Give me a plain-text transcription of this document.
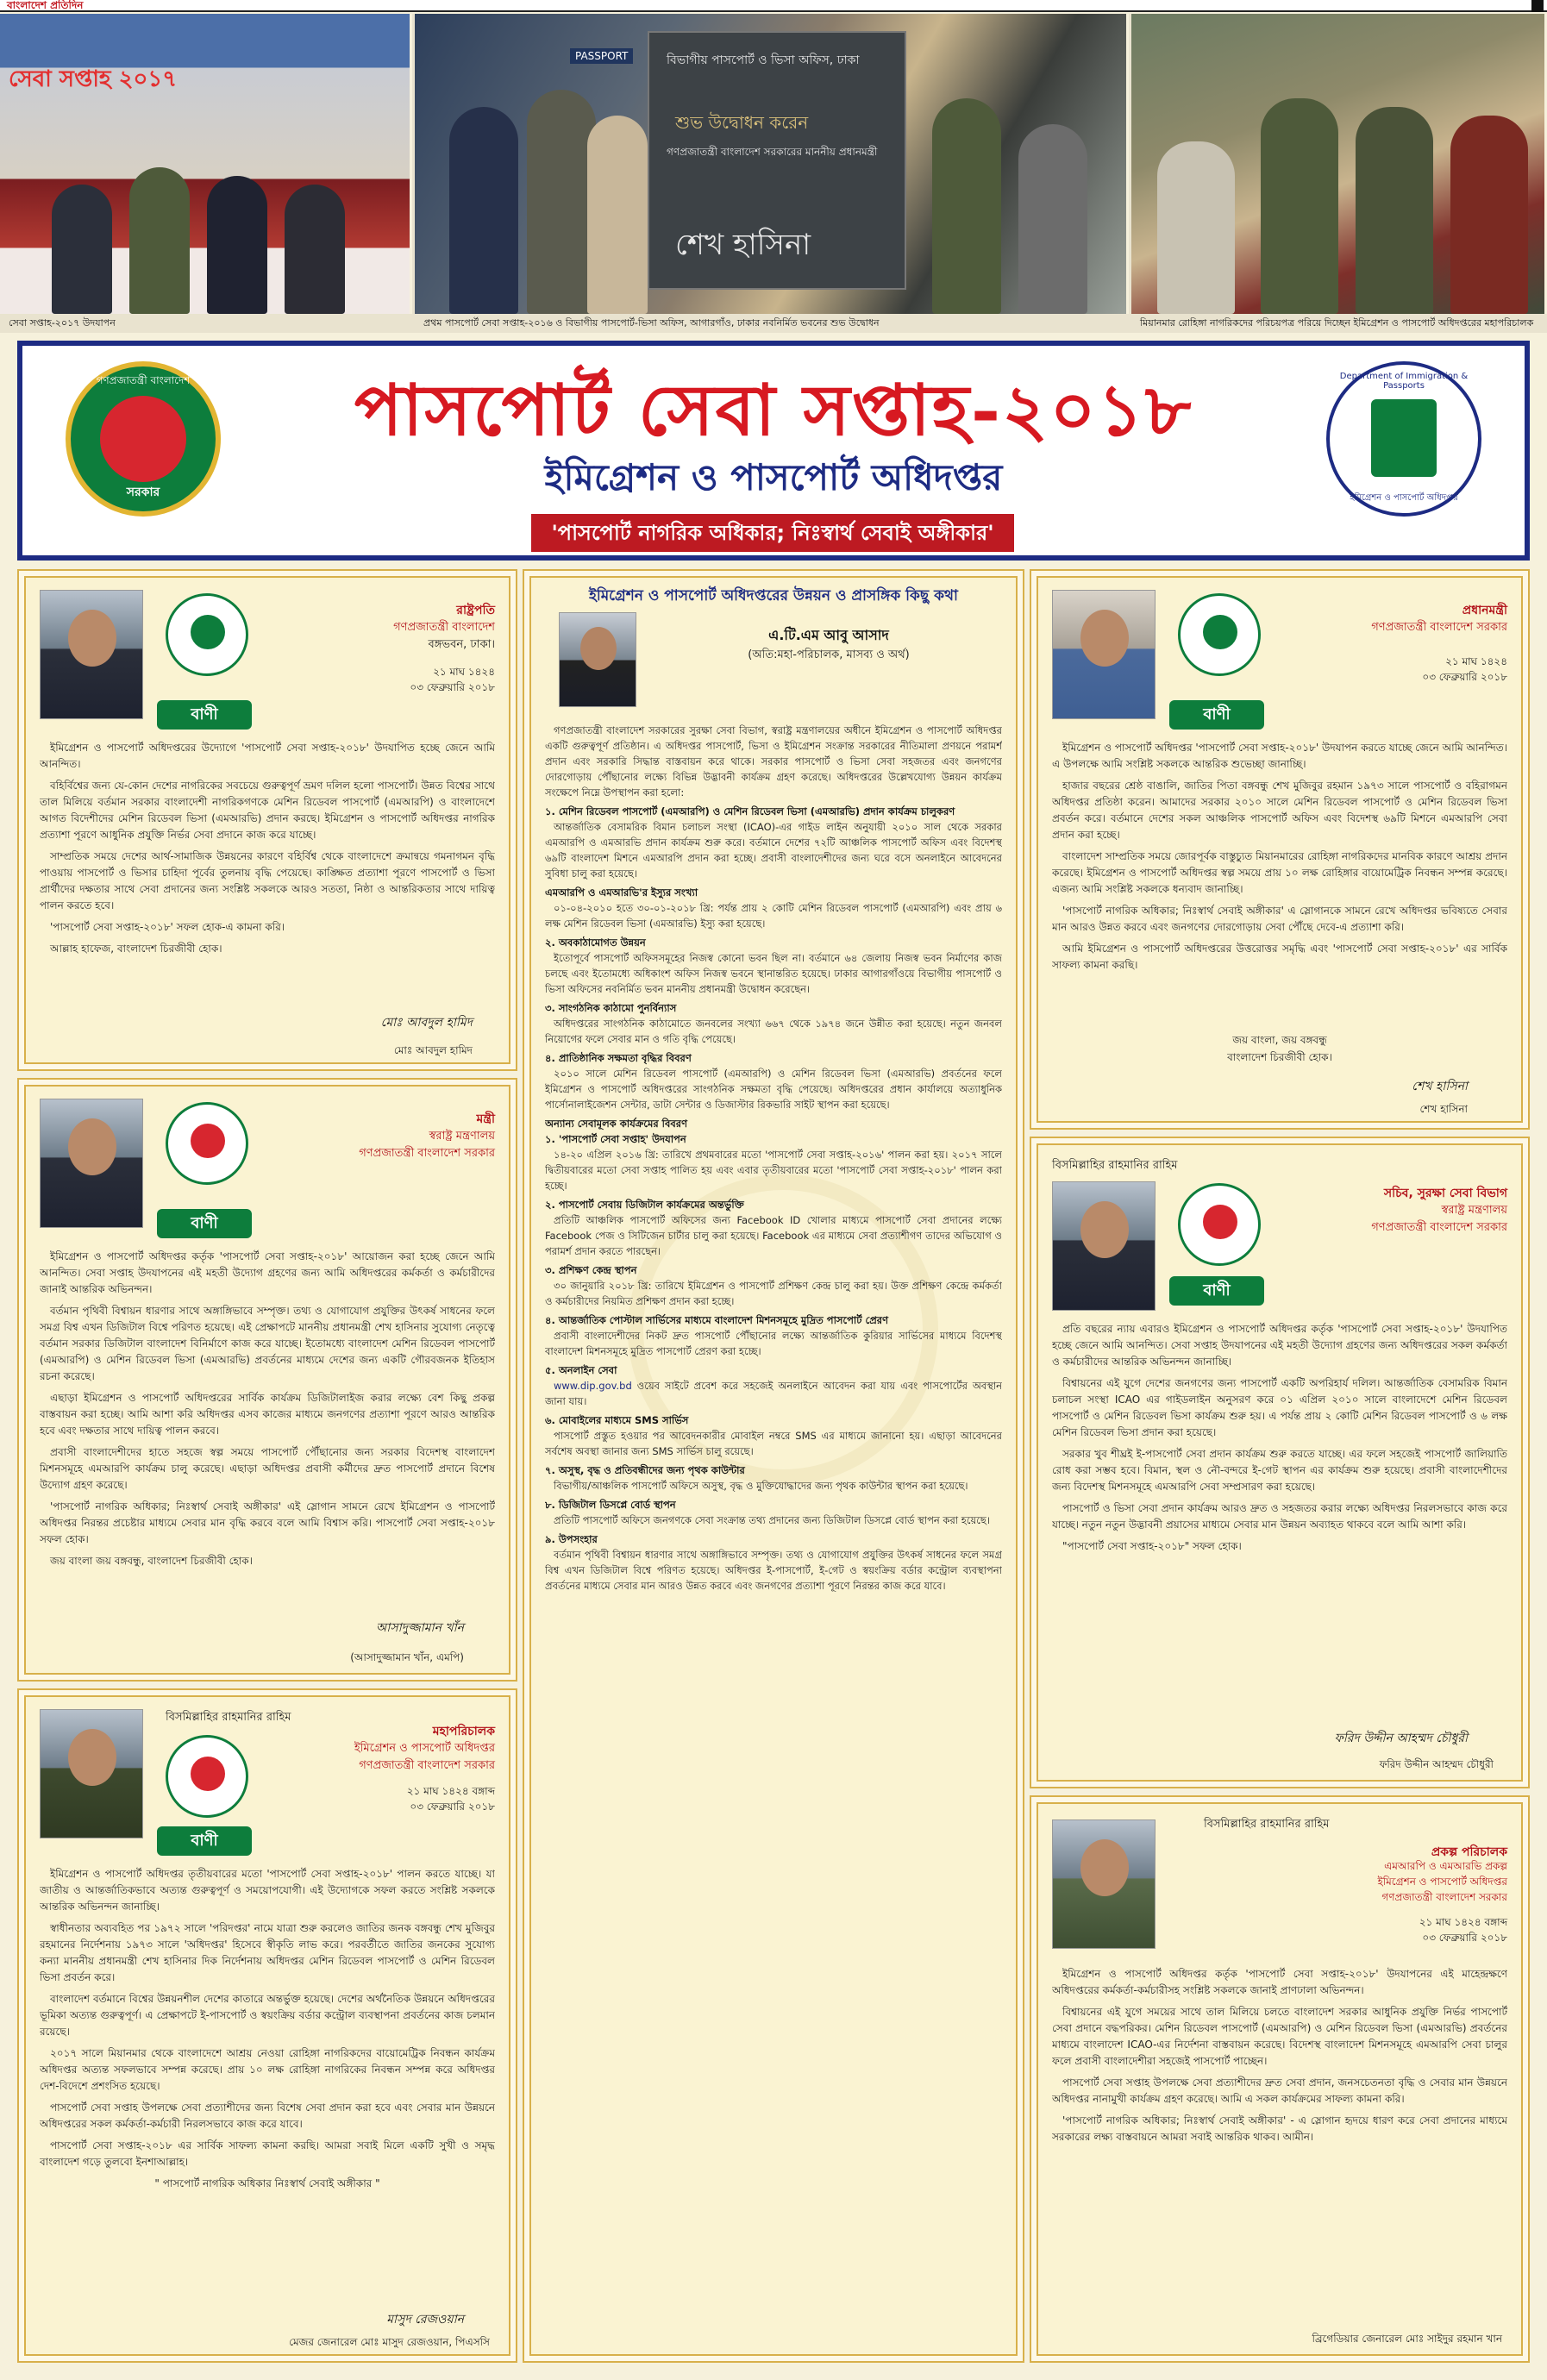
বাংলাদেশ প্রতিদিন
সেবা সপ্তাহ ২০১৭
PASSPORT	বিভাগীয় পাসপোর্ট ও ভিসা অফিস, ঢাকা
শুভ উদ্বোধন করেন
গণপ্রজাতন্ত্রী বাংলাদেশ সরকারের মাননীয় প্রধানমন্ত্রী
শেখ হাসিনা
সেবা সপ্তাহ-২০১৭ উদযাপন	প্রথম পাসপোর্ট সেবা সপ্তাহ-২০১৬ ও বিভাগীয় পাসপোর্ট-ভিসা অফিস, আগারগাঁও, ঢাকার নবনির্মিত ভবনের শুভ উদ্বোধন	মিয়ানমার রোহিঙ্গা নাগরিকদের পরিচয়পত্র পরিয়ে দিচ্ছেন ইমিগ্রেশন ও পাসপোর্ট অধিদপ্তরের মহাপরিচালক
গণপ্রজাতন্ত্রী বাংলাদেশ
সরকার
পাসপোর্ট সেবা সপ্তাহ-২০১৮
ইমিগ্রেশন ও পাসপোর্ট অধিদপ্তর
'পাসপোর্ট নাগরিক অধিকার; নিঃস্বার্থ সেবাই অঙ্গীকার'
Department of Immigration & Passports
ইমিগ্রেশন ও পাসপোর্ট অধিদপ্তর
বাণী
রাষ্ট্রপতি
গণপ্রজাতন্ত্রী বাংলাদেশ
বঙ্গভবন, ঢাকা।
২১ মাঘ ১৪২৪
০৩ ফেব্রুয়ারি ২০১৮

ইমিগ্রেশন ও পাসপোর্ট অধিদপ্তরের উদ্যোগে 'পাসপোর্ট সেবা সপ্তাহ-২০১৮' উদযাপিত হচ্ছে জেনে আমি আনন্দিত।

বহির্বিশ্বের জন্য যে-কোন দেশের নাগরিকের সবচেয়ে গুরুত্বপূর্ণ ভ্রমণ দলিল হলো পাসপোর্ট। উন্নত বিশ্বের সাথে তাল মিলিয়ে বর্তমান সরকার বাংলাদেশী নাগরিকগণকে মেশিন রিডেবল পাসপোর্ট (এমআরপি) ও বাংলাদেশে আগত বিদেশীদের মেশিন রিডেবল ভিসা (এমআরভি) প্রদান করছে। ইমিগ্রেশন ও পাসপোর্ট অধিদপ্তর নাগরিক প্রত্যাশা পূরণে আধুনিক প্রযুক্তি নির্ভর সেবা প্রদানে কাজ করে যাচ্ছে।

সাম্প্রতিক সময়ে দেশের আর্থ-সামাজিক উন্নয়নের কারণে বহির্বিশ্ব থেকে বাংলাদেশে ক্রমান্বয়ে গমনাগমন বৃদ্ধি পাওয়ায় পাসপোর্ট ও ভিসার চাহিদা পূর্বের তুলনায় বৃদ্ধি পেয়েছে। কাঙ্ক্ষিত প্রত্যাশা পূরণে পাসপোর্ট ও ভিসা প্রার্থীদের দক্ষতার সাথে সেবা প্রদানের জন্য সংশ্লিষ্ট সকলকে আরও সততা, নিষ্ঠা ও আন্তরিকতার সাথে দায়িত্ব পালন করতে হবে।

'পাসপোর্ট সেবা সপ্তাহ-২০১৮' সফল হোক-এ কামনা করি।

আল্লাহ হাফেজ, বাংলাদেশ চিরজীবী হোক।

মোঃ আবদুল হামিদ
মোঃ আবদুল হামিদ
বাণী
মন্ত্রী
স্বরাষ্ট্র মন্ত্রণালয়
গণপ্রজাতন্ত্রী বাংলাদেশ সরকার

ইমিগ্রেশন ও পাসপোর্ট অধিদপ্তর কর্তৃক 'পাসপোর্ট সেবা সপ্তাহ-২০১৮' আয়োজন করা হচ্ছে জেনে আমি আনন্দিত। সেবা সপ্তাহ উদযাপনের এই মহতী উদ্যোগ গ্রহণের জন্য আমি অধিদপ্তরের কর্মকর্তা ও কর্মচারীদের জানাই আন্তরিক অভিনন্দন।

বর্তমান পৃথিবী বিশ্বায়ন ধারণার সাথে অঙ্গাঙ্গিভাবে সম্পৃক্ত। তথ্য ও যোগাযোগ প্রযুক্তির উৎকর্ষ সাধনের ফলে সমগ্র বিশ্ব এখন ডিজিটাল বিশ্বে পরিণত হয়েছে। এই প্রেক্ষাপটে মাননীয় প্রধানমন্ত্রী শেখ হাসিনার সুযোগ্য নেতৃত্বে বর্তমান সরকার ডিজিটাল বাংলাদেশ বিনির্মাণে কাজ করে যাচ্ছে। ইতোমধ্যে বাংলাদেশ মেশিন রিডেবল পাসপোর্ট (এমআরপি) ও মেশিন রিডেবল ভিসা (এমআরভি) প্রবর্তনের মাধ্যমে দেশের জন্য একটি গৌরবজনক ইতিহাস রচনা করেছে।

এছাড়া ইমিগ্রেশন ও পাসপোর্ট অধিদপ্তরের সার্বিক কার্যক্রম ডিজিটালাইজ করার লক্ষ্যে বেশ কিছু প্রকল্প বাস্তবায়ন করা হচ্ছে। আমি আশা করি অধিদপ্তর এসব কাজের মাধ্যমে জনগণের প্রত্যাশা পূরণে আরও আন্তরিক হবে এবং দক্ষতার সাথে দায়িত্ব পালন করবে।

প্রবাসী বাংলাদেশীদের হাতে সহজে স্বল্প সময়ে পাসপোর্ট পৌঁছানোর জন্য সরকার বিদেশস্থ বাংলাদেশ মিশনসমূহে এমআরপি কার্যক্রম চালু করেছে। এছাড়া অধিদপ্তর প্রবাসী কর্মীদের দ্রুত পাসপোর্ট প্রদানে বিশেষ উদ্যোগ গ্রহণ করেছে।

'পাসপোর্ট নাগরিক অধিকার; নিঃস্বার্থ সেবাই অঙ্গীকার' এই স্লোগান সামনে রেখে ইমিগ্রেশন ও পাসপোর্ট অধিদপ্তর নিরন্তর প্রচেষ্টার মাধ্যমে সেবার মান বৃদ্ধি করবে বলে আমি বিশ্বাস করি। পাসপোর্ট সেবা সপ্তাহ-২০১৮ সফল হোক।

জয় বাংলা জয় বঙ্গবন্ধু, বাংলাদেশ চিরজীবী হোক।

আসাদুজ্জামান খাঁন
(আসাদুজ্জামান খাঁন, এমপি)
বিসমিল্লাহির রাহমানির রাহিম
বাণী
মহাপরিচালক
ইমিগ্রেশন ও পাসপোর্ট অধিদপ্তর
গণপ্রজাতন্ত্রী বাংলাদেশ সরকার
২১ মাঘ ১৪২৪ বঙ্গাব্দ
০৩ ফেব্রুয়ারি ২০১৮

ইমিগ্রেশন ও পাসপোর্ট অধিদপ্তর তৃতীয়বারের মতো 'পাসপোর্ট সেবা সপ্তাহ-২০১৮' পালন করতে যাচ্ছে। যা জাতীয় ও আন্তর্জাতিকভাবে অত্যন্ত গুরুত্বপূর্ণ ও সময়োপযোগী। এই উদ্যোগকে সফল করতে সংশ্লিষ্ট সকলকে আন্তরিক অভিনন্দন জানাচ্ছি।

স্বাধীনতার অব্যবহিত পর ১৯৭২ সালে 'পরিদপ্তর' নামে যাত্রা শুরু করলেও জাতির জনক বঙ্গবন্ধু শেখ মুজিবুর রহমানের নির্দেশনায় ১৯৭৩ সালে 'অধিদপ্তর' হিসেবে স্বীকৃতি লাভ করে। পরবর্তীতে জাতির জনকের সুযোগ্য কন্যা মাননীয় প্রধানমন্ত্রী শেখ হাসিনার দিক নির্দেশনায় অধিদপ্তর মেশিন রিডেবল পাসপোর্ট ও মেশিন রিডেবল ভিসা প্রবর্তন করে।

বাংলাদেশ বর্তমানে বিশ্বের উন্নয়নশীল দেশের কাতারে অন্তর্ভুক্ত হয়েছে। দেশের অর্থনৈতিক উন্নয়নে অধিদপ্তরের ভূমিকা অত্যন্ত গুরুত্বপূর্ণ। এ প্রেক্ষাপটে ই-পাসপোর্ট ও স্বয়ংক্রিয় বর্ডার কন্ট্রোল ব্যবস্থাপনা প্রবর্তনের কাজ চলমান রয়েছে।

২০১৭ সালে মিয়ানমার থেকে বাংলাদেশে আশ্রয় নেওয়া রোহিঙ্গা নাগরিকদের বায়োমেট্রিক নিবন্ধন কার্যক্রম অধিদপ্তর অত্যন্ত সফলভাবে সম্পন্ন করেছে। প্রায় ১০ লক্ষ রোহিঙ্গা নাগরিকের নিবন্ধন সম্পন্ন করে অধিদপ্তর দেশ-বিদেশে প্রশংসিত হয়েছে।

পাসপোর্ট সেবা সপ্তাহ উপলক্ষে সেবা প্রত্যাশীদের জন্য বিশেষ সেবা প্রদান করা হবে এবং সেবার মান উন্নয়নে অধিদপ্তরের সকল কর্মকর্তা-কর্মচারী নিরলসভাবে কাজ করে যাবে।

পাসপোর্ট সেবা সপ্তাহ-২০১৮ এর সার্বিক সাফল্য কামনা করছি। আমরা সবাই মিলে একটি সুখী ও সমৃদ্ধ বাংলাদেশ গড়ে তুলবো ইনশাআল্লাহ।

" পাসপোর্ট নাগরিক অধিকার নিঃস্বার্থ সেবাই অঙ্গীকার "

মাসুদ রেজওয়ান
মেজর জেনারেল মোঃ মাসুদ রেজওয়ান, পিএসসি
ইমিগ্রেশন ও পাসপোর্ট অধিদপ্তরের উন্নয়ন ও প্রাসঙ্গিক কিছু কথা
এ.টি.এম আবু আসাদ
(অতি:মহা-পরিচালক, মাসব্য ও অর্থ)

গণপ্রজাতন্ত্রী বাংলাদেশ সরকারের সুরক্ষা সেবা বিভাগ, স্বরাষ্ট্র মন্ত্রণালয়ের অধীনে ইমিগ্রেশন ও পাসপোর্ট অধিদপ্তর একটি গুরুত্বপূর্ণ প্রতিষ্ঠান। এ অধিদপ্তর পাসপোর্ট, ভিসা ও ইমিগ্রেশন সংক্রান্ত সরকারের নীতিমালা প্রণয়নে পরামর্শ প্রদান এবং সরকারি সিদ্ধান্ত বাস্তবায়ন করে থাকে। সরকার পাসপোর্ট ও ভিসা সেবা সহজতর এবং জনগণের দোরগোড়ায় পৌঁছানোর লক্ষ্যে বিভিন্ন উদ্ভাবনী কার্যক্রম গ্রহণ করেছে। অধিদপ্তরের উল্লেখযোগ্য উন্নয়ন কার্যক্রম সংক্ষেপে নিম্নে উপস্থাপন করা হলো:

১. মেশিন রিডেবল পাসপোর্ট (এমআরপি) ও মেশিন রিডেবল ভিসা (এমআরভি) প্রদান কার্যক্রম চালুকরণ

আন্তর্জাতিক বেসামরিক বিমান চলাচল সংস্থা (ICAO)-এর গাইড লাইন অনুযায়ী ২০১০ সাল থেকে সরকার এমআরপি ও এমআরভি প্রদান কার্যক্রম শুরু করে। বর্তমানে দেশের ৭২টি আঞ্চলিক পাসপোর্ট অফিস এবং বিদেশস্থ ৬৯টি বাংলাদেশ মিশনে এমআরপি প্রদান করা হচ্ছে। প্রবাসী বাংলাদেশীদের জন্য ঘরে বসে অনলাইনে আবেদনের সুবিধা চালু করা হয়েছে।

এমআরপি ও এমআরভি'র ইস্যুর সংখ্যা

০১-০৪-২০১০ হতে ৩০-০১-২০১৮ খ্রি: পর্যন্ত প্রায় ২ কোটি মেশিন রিডেবল পাসপোর্ট (এমআরপি) এবং প্রায় ৬ লক্ষ মেশিন রিডেবল ভিসা (এমআরভি) ইস্যু করা হয়েছে।

২. অবকাঠামোগত উন্নয়ন

ইতোপূর্বে পাসপোর্ট অফিসসমূহের নিজস্ব কোনো ভবন ছিল না। বর্তমানে ৬৪ জেলায় নিজস্ব ভবন নির্মাণের কাজ চলছে এবং ইতোমধ্যে অধিকাংশ অফিস নিজস্ব ভবনে স্থানান্তরিত হয়েছে। ঢাকার আগারগাঁওয়ে বিভাগীয় পাসপোর্ট ও ভিসা অফিসের নবনির্মিত ভবন মাননীয় প্রধানমন্ত্রী উদ্বোধন করেছেন।

৩. সাংগঠনিক কাঠামো পুনর্বিন্যাস

অধিদপ্তরের সাংগঠনিক কাঠামোতে জনবলের সংখ্যা ৬৬৭ থেকে ১৯৭৪ জনে উন্নীত করা হয়েছে। নতুন জনবল নিয়োগের ফলে সেবার মান ও গতি বৃদ্ধি পেয়েছে।

৪. প্রাতিষ্ঠানিক সক্ষমতা বৃদ্ধির বিবরণ

২০১০ সালে মেশিন রিডেবল পাসপোর্ট (এমআরপি) ও মেশিন রিডেবল ভিসা (এমআরভি) প্রবর্তনের ফলে ইমিগ্রেশন ও পাসপোর্ট অধিদপ্তরের সাংগঠনিক সক্ষমতা বৃদ্ধি পেয়েছে। অধিদপ্তরের প্রধান কার্যালয়ে অত্যাধুনিক পার্সোনালাইজেশন সেন্টার, ডাটা সেন্টার ও ডিজাস্টার রিকভারি সাইট স্থাপন করা হয়েছে।

অন্যান্য সেবামূলক কার্যক্রমের বিবরণ
১. 'পাসপোর্ট সেবা সপ্তাহ' উদযাপন

১৪-২০ এপ্রিল ২০১৬ খ্রি: তারিখে প্রথমবারের মতো 'পাসপোর্ট সেবা সপ্তাহ-২০১৬' পালন করা হয়। ২০১৭ সালে দ্বিতীয়বারের মতো সেবা সপ্তাহ পালিত হয় এবং এবার তৃতীয়বারের মতো 'পাসপোর্ট সেবা সপ্তাহ-২০১৮' পালন করা হচ্ছে।

২. পাসপোর্ট সেবায় ডিজিটাল কার্যক্রমের অন্তর্ভুক্তি

প্রতিটি আঞ্চলিক পাসপোর্ট অফিসের জন্য Facebook ID খোলার মাধ্যমে পাসপোর্ট সেবা প্রদানের লক্ষ্যে Facebook পেজ ও সিটিজেন চার্টার চালু করা হয়েছে। Facebook এর মাধ্যমে সেবা প্রত্যাশীগণ তাদের অভিযোগ ও পরামর্শ প্রদান করতে পারছেন।

৩. প্রশিক্ষণ কেন্দ্র স্থাপন

৩০ জানুয়ারি ২০১৮ খ্রি: তারিখে ইমিগ্রেশন ও পাসপোর্ট প্রশিক্ষণ কেন্দ্র চালু করা হয়। উক্ত প্রশিক্ষণ কেন্দ্রে কর্মকর্তা ও কর্মচারীদের নিয়মিত প্রশিক্ষণ প্রদান করা হচ্ছে।

৪. আন্তর্জাতিক পোস্টাল সার্ভিসের মাধ্যমে বাংলাদেশ মিশনসমূহে মুদ্রিত পাসপোর্ট প্রেরণ

প্রবাসী বাংলাদেশীদের নিকট দ্রুত পাসপোর্ট পৌঁছানোর লক্ষ্যে আন্তর্জাতিক কুরিয়ার সার্ভিসের মাধ্যমে বিদেশস্থ বাংলাদেশ মিশনসমূহে মুদ্রিত পাসপোর্ট প্রেরণ করা হচ্ছে।

৫. অনলাইন সেবা

www.dip.gov.bd ওয়েব সাইটে প্রবেশ করে সহজেই অনলাইনে আবেদন করা যায় এবং পাসপোর্টের অবস্থান জানা যায়।

৬. মোবাইলের মাধ্যমে SMS সার্ভিস

পাসপোর্ট প্রস্তুত হওয়ার পর আবেদনকারীর মোবাইল নম্বরে SMS এর মাধ্যমে জানানো হয়। এছাড়া আবেদনের সর্বশেষ অবস্থা জানার জন্য SMS সার্ভিস চালু রয়েছে।

৭. অসুস্থ, বৃদ্ধ ও প্রতিবন্ধীদের জন্য পৃথক কাউন্টার

বিভাগীয়/আঞ্চলিক পাসপোর্ট অফিসে অসুস্থ, বৃদ্ধ ও মুক্তিযোদ্ধাদের জন্য পৃথক কাউন্টার স্থাপন করা হয়েছে।

৮. ডিজিটাল ডিসপ্লে বোর্ড স্থাপন

প্রতিটি পাসপোর্ট অফিসে জনগণকে সেবা সংক্রান্ত তথ্য প্রদানের জন্য ডিজিটাল ডিসপ্লে বোর্ড স্থাপন করা হয়েছে।

৯. উপসংহার

বর্তমান পৃথিবী বিশ্বায়ন ধারণার সাথে অঙ্গাঙ্গিভাবে সম্পৃক্ত। তথ্য ও যোগাযোগ প্রযুক্তির উৎকর্ষ সাধনের ফলে সমগ্র বিশ্ব এখন ডিজিটাল বিশ্বে পরিণত হয়েছে। অধিদপ্তর ই-পাসপোর্ট, ই-গেট ও স্বয়ংক্রিয় বর্ডার কন্ট্রোল ব্যবস্থাপনা প্রবর্তনের মাধ্যমে সেবার মান আরও উন্নত করবে এবং জনগণের প্রত্যাশা পূরণে নিরন্তর কাজ করে যাবে।

বাণী
প্রধানমন্ত্রী
গণপ্রজাতন্ত্রী বাংলাদেশ সরকার
২১ মাঘ ১৪২৪
০৩ ফেব্রুয়ারি ২০১৮

ইমিগ্রেশন ও পাসপোর্ট অধিদপ্তর 'পাসপোর্ট সেবা সপ্তাহ-২০১৮' উদযাপন করতে যাচ্ছে জেনে আমি আনন্দিত। এ উপলক্ষে আমি সংশ্লিষ্ট সকলকে আন্তরিক শুভেচ্ছা জানাচ্ছি।

হাজার বছরের শ্রেষ্ঠ বাঙালি, জাতির পিতা বঙ্গবন্ধু শেখ মুজিবুর রহমান ১৯৭৩ সালে পাসপোর্ট ও বহিরাগমন অধিদপ্তর প্রতিষ্ঠা করেন। আমাদের সরকার ২০১০ সালে মেশিন রিডেবল পাসপোর্ট ও মেশিন রিডেবল ভিসা প্রবর্তন করে। বর্তমানে দেশের সকল আঞ্চলিক পাসপোর্ট অফিস এবং বিদেশস্থ ৬৯টি মিশনে এমআরপি সেবা প্রদান করা হচ্ছে।

বাংলাদেশ সাম্প্রতিক সময়ে জোরপূর্বক বাস্তুচ্যুত মিয়ানমারের রোহিঙ্গা নাগরিকদের মানবিক কারণে আশ্রয় প্রদান করেছে। ইমিগ্রেশন ও পাসপোর্ট অধিদপ্তর স্বল্প সময়ে প্রায় ১০ লক্ষ রোহিঙ্গার বায়োমেট্রিক নিবন্ধন সম্পন্ন করেছে। এজন্য আমি সংশ্লিষ্ট সকলকে ধন্যবাদ জানাচ্ছি।

'পাসপোর্ট নাগরিক অধিকার; নিঃস্বার্থ সেবাই অঙ্গীকার' এ স্লোগানকে সামনে রেখে অধিদপ্তর ভবিষ্যতে সেবার মান আরও উন্নত করবে এবং জনগণের দোরগোড়ায় সেবা পৌঁছে দেবে-এ প্রত্যাশা করি।

আমি ইমিগ্রেশন ও পাসপোর্ট অধিদপ্তরের উত্তরোত্তর সমৃদ্ধি এবং 'পাসপোর্ট সেবা সপ্তাহ-২০১৮' এর সার্বিক সাফল্য কামনা করছি।

জয় বাংলা, জয় বঙ্গবন্ধু
বাংলাদেশ চিরজীবী হোক।
শেখ হাসিনা
শেখ হাসিনা
বিসমিল্লাহির রাহমানির রাহিম
বাণী
সচিব, সুরক্ষা সেবা বিভাগ
স্বরাষ্ট্র মন্ত্রণালয়
গণপ্রজাতন্ত্রী বাংলাদেশ সরকার

প্রতি বছরের ন্যায় এবারও ইমিগ্রেশন ও পাসপোর্ট অধিদপ্তর কর্তৃক 'পাসপোর্ট সেবা সপ্তাহ-২০১৮' উদযাপিত হচ্ছে জেনে আমি আনন্দিত। সেবা সপ্তাহ উদযাপনের এই মহতী উদ্যোগ গ্রহণের জন্য অধিদপ্তরের সকল কর্মকর্তা ও কর্মচারীদের আন্তরিক অভিনন্দন জানাচ্ছি।

বিশ্বায়নের এই যুগে দেশের জনগণের জন্য পাসপোর্ট একটি অপরিহার্য দলিল। আন্তর্জাতিক বেসামরিক বিমান চলাচল সংস্থা ICAO এর গাইডলাইন অনুসরণ করে ০১ এপ্রিল ২০১০ সালে বাংলাদেশে মেশিন রিডেবল পাসপোর্ট ও মেশিন রিডেবল ভিসা কার্যক্রম শুরু হয়। এ পর্যন্ত প্রায় ২ কোটি মেশিন রিডেবল পাসপোর্ট ও ৬ লক্ষ মেশিন রিডেবল ভিসা প্রদান করা হয়েছে।

সরকার খুব শীঘ্রই ই-পাসপোর্ট সেবা প্রদান কার্যক্রম শুরু করতে যাচ্ছে। এর ফলে সহজেই পাসপোর্ট জালিয়াতি রোধ করা সম্ভব হবে। বিমান, স্থল ও নৌ-বন্দরে ই-গেট স্থাপন এর কার্যক্রম শুরু হয়েছে। প্রবাসী বাংলাদেশীদের জন্য বিদেশস্থ মিশনসমূহে এমআরপি সেবা সম্প্রসারণ করা হয়েছে।

পাসপোর্ট ও ভিসা সেবা প্রদান কার্যক্রম আরও দ্রুত ও সহজতর করার লক্ষ্যে অধিদপ্তর নিরলসভাবে কাজ করে যাচ্ছে। নতুন নতুন উদ্ভাবনী প্রয়াসের মাধ্যমে সেবার মান উন্নয়ন অব্যাহত থাকবে বলে আমি আশা করি।

"পাসপোর্ট সেবা সপ্তাহ-২০১৮" সফল হোক।

ফরিদ উদ্দীন আহম্মদ চৌধুরী
ফরিদ উদ্দীন আহম্মদ চৌধুরী
বিসমিল্লাহির রাহমানির রাহিম
প্রকল্প পরিচালক
এমআরপি ও এমআরভি প্রকল্প
ইমিগ্রেশন ও পাসপোর্ট অধিদপ্তর
গণপ্রজাতন্ত্রী বাংলাদেশ সরকার
২১ মাঘ ১৪২৪ বঙ্গাব্দ
০৩ ফেব্রুয়ারি ২০১৮

ইমিগ্রেশন ও পাসপোর্ট অধিদপ্তর কর্তৃক 'পাসপোর্ট সেবা সপ্তাহ-২০১৮' উদযাপনের এই মাহেন্দ্রক্ষণে অধিদপ্তরের কর্মকর্তা-কর্মচারীসহ সংশ্লিষ্ট সকলকে জানাই প্রাণঢালা অভিনন্দন।

বিশ্বায়নের এই যুগে সময়ের সাথে তাল মিলিয়ে চলতে বাংলাদেশ সরকার আধুনিক প্রযুক্তি নির্ভর পাসপোর্ট সেবা প্রদানে বদ্ধপরিকর। মেশিন রিডেবল পাসপোর্ট (এমআরপি) ও মেশিন রিডেবল ভিসা (এমআরভি) প্রবর্তনের মাধ্যমে বাংলাদেশ ICAO-এর নির্দেশনা বাস্তবায়ন করেছে। বিদেশস্থ বাংলাদেশ মিশনসমূহে এমআরপি সেবা চালুর ফলে প্রবাসী বাংলাদেশীরা সহজেই পাসপোর্ট পাচ্ছেন।

পাসপোর্ট সেবা সপ্তাহ উপলক্ষে সেবা প্রত্যাশীদের দ্রুত সেবা প্রদান, জনসচেতনতা বৃদ্ধি ও সেবার মান উন্নয়নে অধিদপ্তর নানামুখী কার্যক্রম গ্রহণ করেছে। আমি এ সকল কার্যক্রমের সাফল্য কামনা করি।

'পাসপোর্ট নাগরিক অধিকার; নিঃস্বার্থ সেবাই অঙ্গীকার' - এ স্লোগান হৃদয়ে ধারণ করে সেবা প্রদানের মাধ্যমে সরকারের লক্ষ্য বাস্তবায়নে আমরা সবাই আন্তরিক থাকব। আমীন।

ব্রিগেডিয়ার জেনারেল মোঃ সাইদুর রহমান খান
